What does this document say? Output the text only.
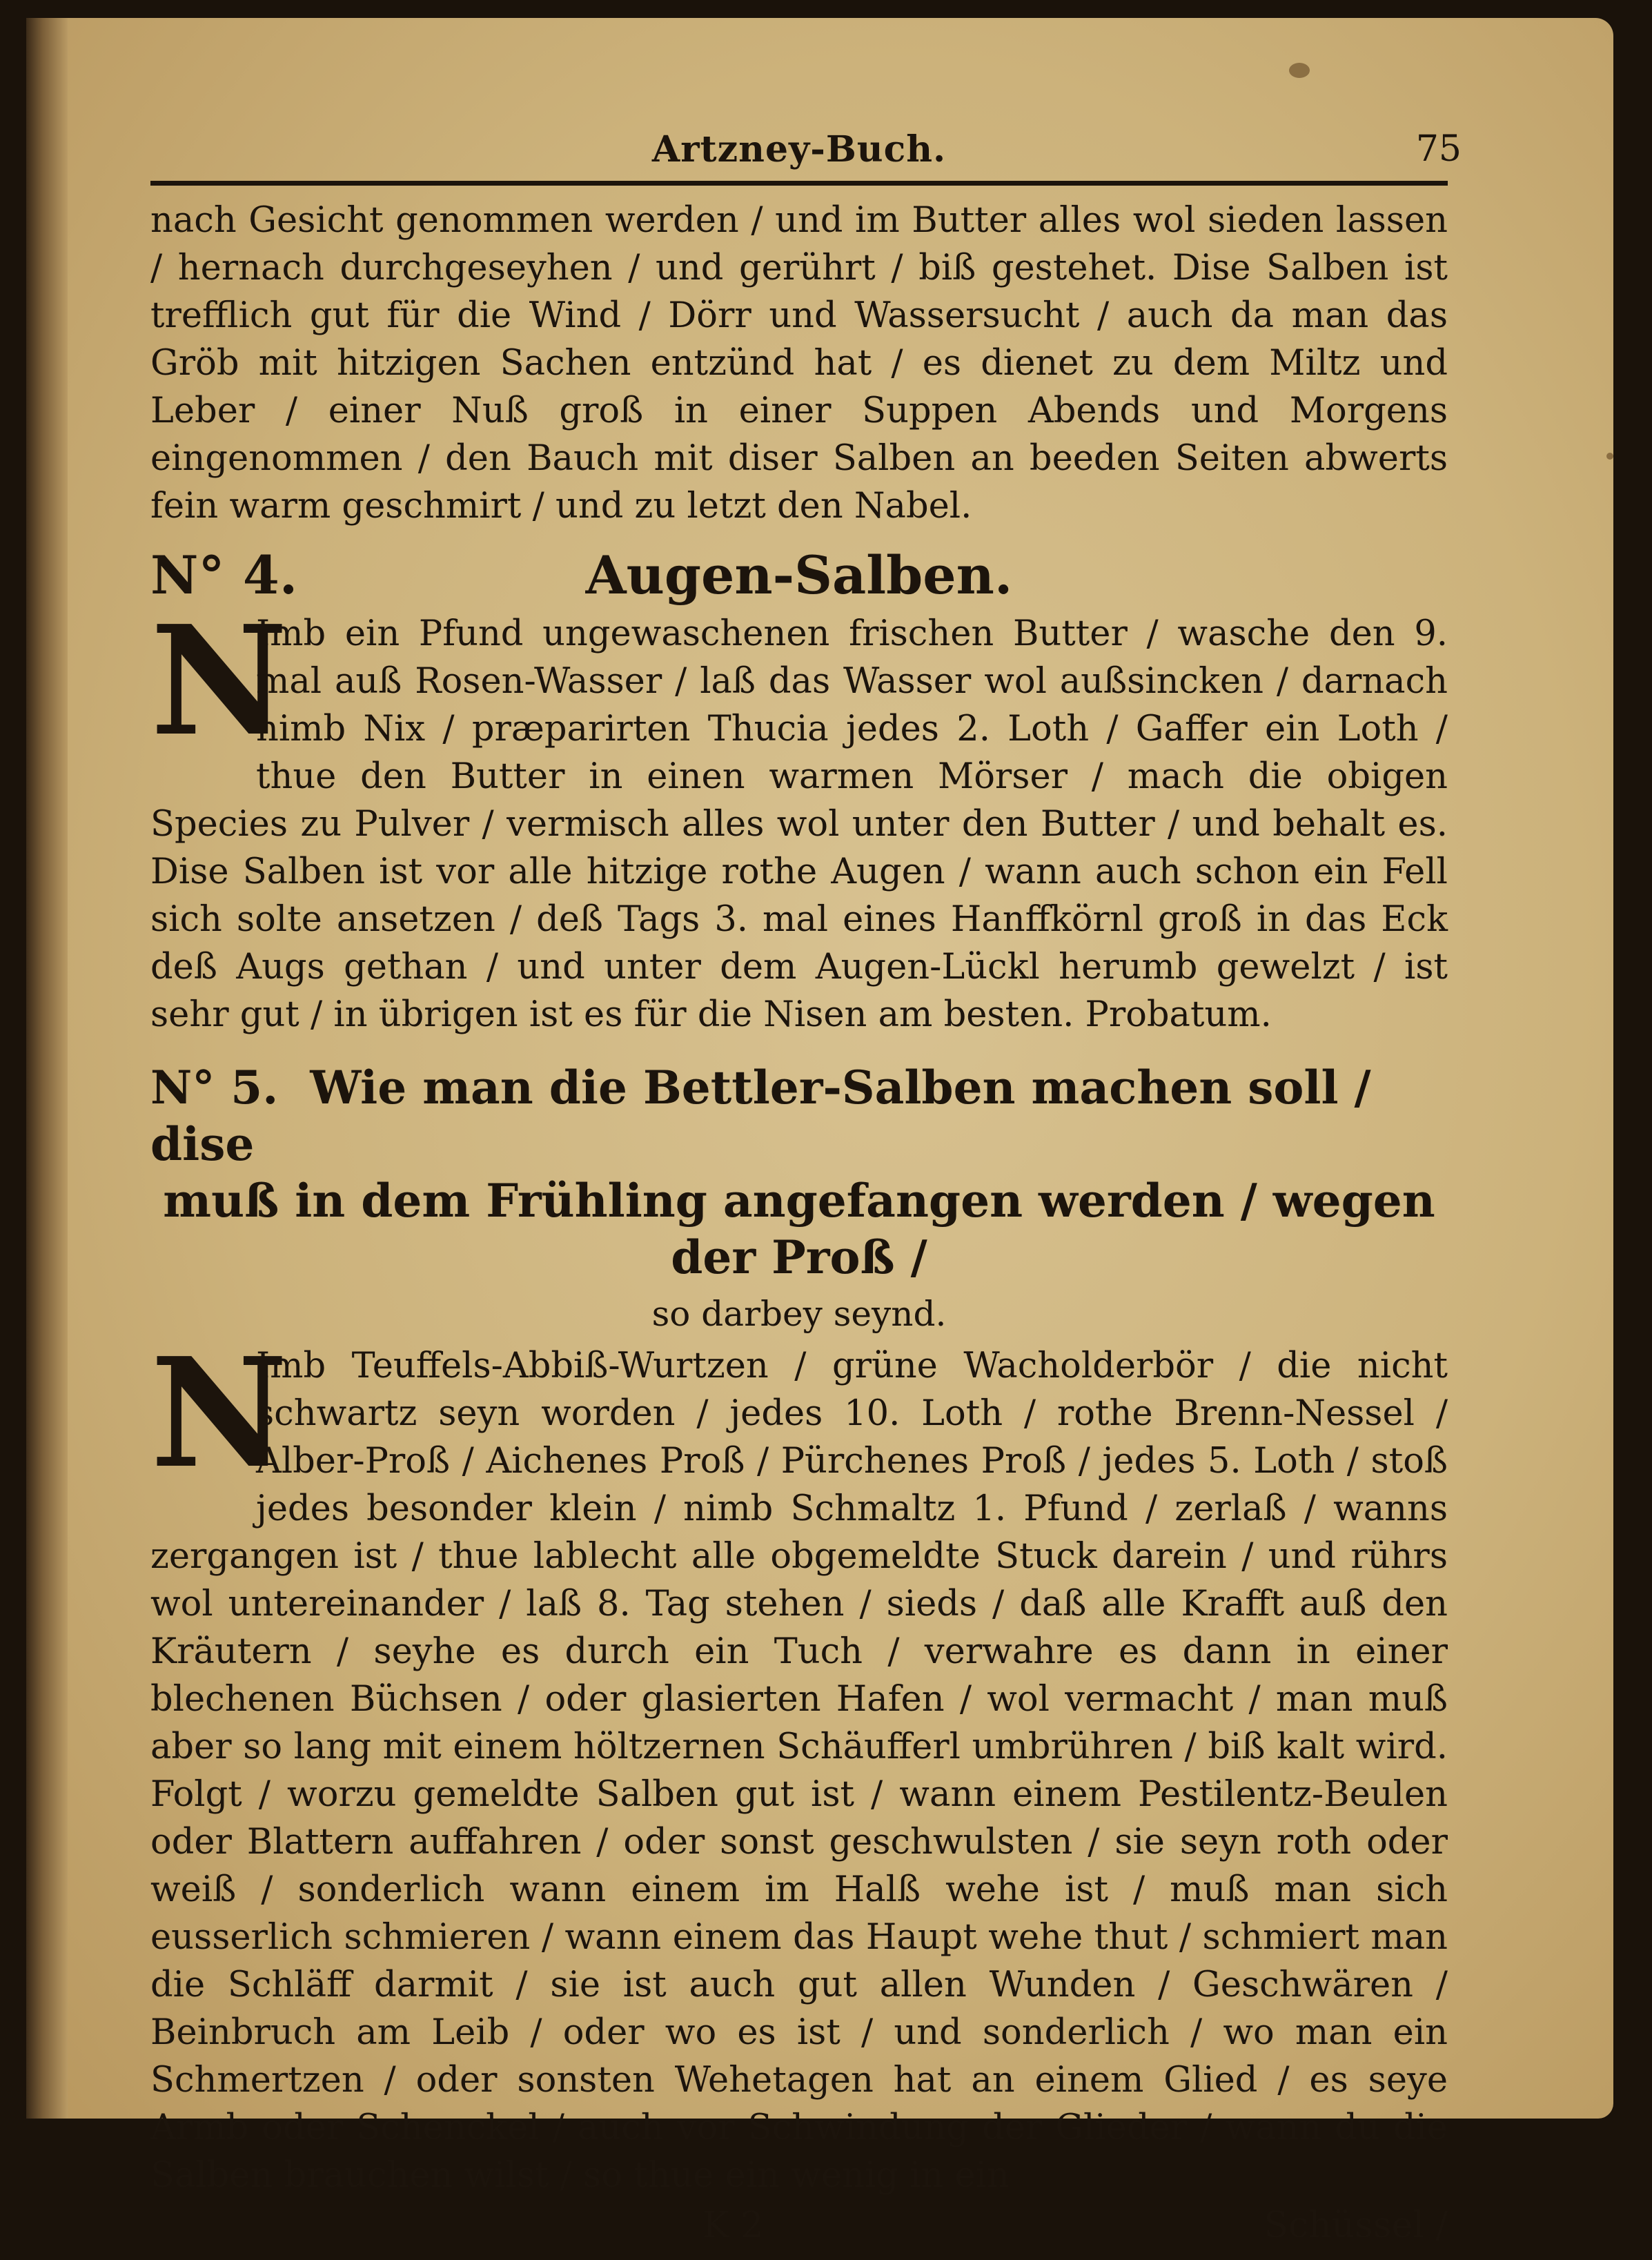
Artzney-Buch.	75

nach Gesicht genommen werden / und im Butter alles wol sieden lassen / hernach durchgeseyhen / und gerührt / biß gestehet. Dise Salben ist trefflich gut für die Wind / Dörr und Wassersucht / auch da man das Gröb mit hitzigen Sachen entzünd hat / es dienet zu dem Miltz und Leber / einer Nuß groß in einer Suppen Abends und Morgens eingenommen / den Bauch mit diser Salben an beeden Seiten abwerts fein warm geschmirt / und zu letzt den Nabel.

N° 4.	Augen-Salben.
N

Imb ein Pfund ungewaschenen frischen Butter / wasche den 9. mal auß Rosen-Wasser / laß das Wasser wol außsincken / darnach nimb Nix / præparirten Thucia jedes 2. Loth / Gaffer ein Loth / thue den Butter in einen warmen Mörser / mach die obigen Species zu Pulver / vermisch alles wol unter den Butter / und behalt es. Dise Salben ist vor alle hitzige rothe Augen / wann auch schon ein Fell sich solte ansetzen / deß Tags 3. mal eines Hanffkörnl groß in das Eck deß Augs gethan / und unter dem Augen-Lückl herumb gewelzt / ist sehr gut / in übrigen ist es für die Nisen am besten. Probatum.

N° 5. Wie man die Bettler-Salben machen soll / dise
muß in dem Frühling angefangen werden / wegen der Proß /
so darbey seynd.
N

Imb Teuffels-Abbiß-Wurtzen / grüne Wacholderbör / die nicht schwartz seyn worden / jedes 10. Loth / rothe Brenn-Nessel / Alber-Proß / Aichenes Proß / Pürchenes Proß / jedes 5. Loth / stoß jedes besonder klein / nimb Schmaltz 1. Pfund / zerlaß / wanns zergangen ist / thue lablecht alle obgemeldte Stuck darein / und rührs wol untereinander / laß 8. Tag stehen / sieds / daß alle Krafft auß den Kräutern / seyhe es durch ein Tuch / verwahre es dann in einer blechenen Büchsen / oder glasierten Hafen / wol vermacht / man muß aber so lang mit einem höltzernen Schäufferl umbrühren / biß kalt wird. Folgt / worzu gemeldte Salben gut ist / wann einem Pestilentz-Beulen oder Blattern auffahren / oder sonst geschwulsten / sie seyn roth oder weiß / sonderlich wann einem im Halß wehe ist / muß man sich eusserlich schmieren / wann einem das Haupt wehe thut / schmiert man die Schläff darmit / sie ist auch gut allen Wunden / Geschwären / Beinbruch am Leib / oder wo es ist / und sonderlich / wo man ein Schmertzen / oder sonsten Wehetagen hat an einem Glied / es seye Armb oder Schenckel / auch vor Schwindung der Glieder / wann du die Salben brauchen wilst / so thue ein wenig in ein

K 2	Schüssel /
